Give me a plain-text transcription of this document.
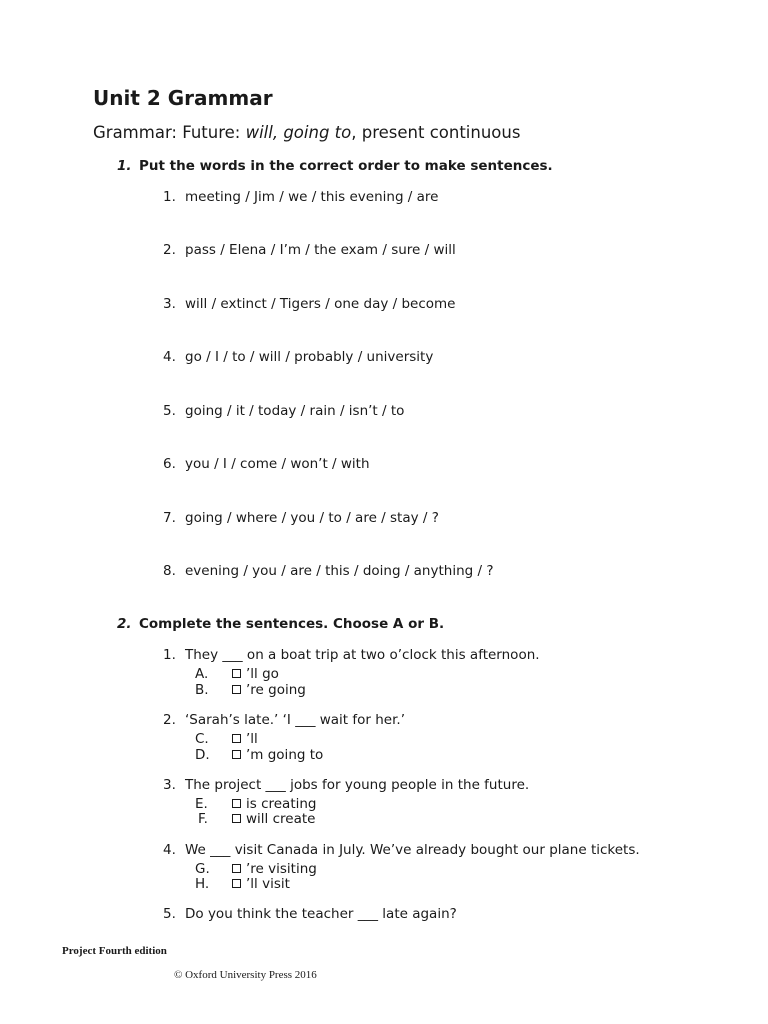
Unit 2 Grammar
Grammar: Future: will, going to, present continuous
1. Put the words in the correct order to make sentences.
1. meeting / Jim / we / this evening / are
2. pass / Elena / I’m / the exam / sure / will
3. will / extinct / Tigers / one day / become
4. go / I / to / will / probably / university
5. going / it / today / rain / isn’t / to
6. you / I / come / won’t / with
7. going / where / you / to / are / stay / ?
8. evening / you / are / this / doing / anything / ?
2. Complete the sentences. Choose A or B.
1. They ___ on a boat trip at two o’clock this afternoon.
A.	’ll go
B.	’re going
2. ‘Sarah’s late.’ ‘I ___ wait for her.’
C.	’ll
D.	’m going to
3. The project ___ jobs for young people in the future.
E.	is creating
F.	will create
4. We ___ visit Canada in July. We’ve already bought our plane tickets.
G.	’re visiting
H.	’ll visit
5. Do you think the teacher ___ late again?
Project Fourth edition
© Oxford University Press 2016
